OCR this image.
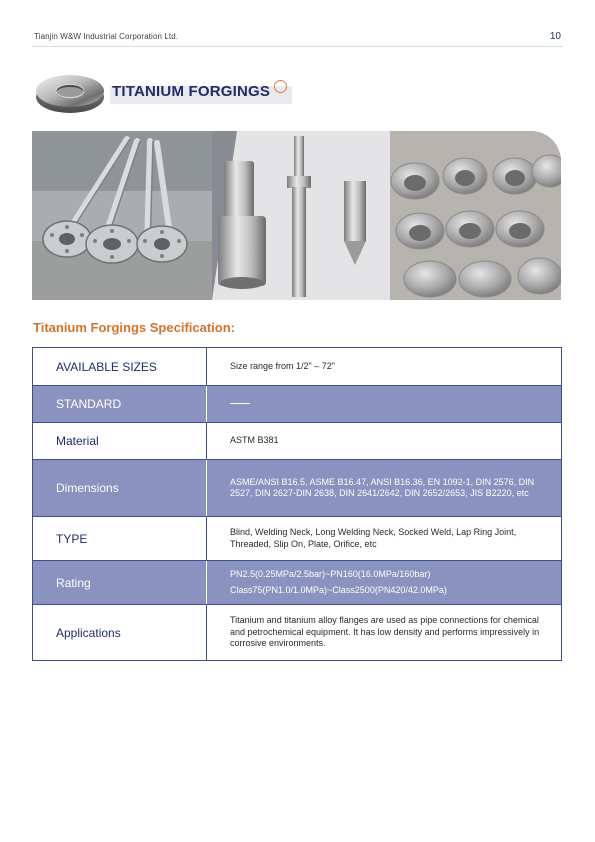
Tianjin W&W Industrial Corporation Ltd.	10
TITANIUM FORGINGS
Titanium Forgings Specification:
AVAILABLE SIZES	Size range from 1/2" – 72"
STANDARD	
Material	ASTM B381
Dimensions	ASME/ANSI B16.5, ASME B16.47, ANSI B16.36, EN 1092-1, DIN 2576, DIN 2527, DIN 2627-DIN 2638, DIN 2641/2642, DIN 2652/2653, JIS B2220, etc
TYPE	Blind, Welding Neck, Long Welding Neck, Socked Weld, Lap Ring Joint, Threaded, Slip On, Plate, Orifice, etc
Rating	PN2.5(0.25MPa/2.5bar)~PN160(16.0MPa/160bar)
Class75(PN1.0/1.0MPa)~Class2500(PN420/42.0MPa)

Applications	Titanium and titanium alloy flanges are used as pipe connections for chemical and petrochemical equipment. It has low density and performs impressively in corrosive environments.
